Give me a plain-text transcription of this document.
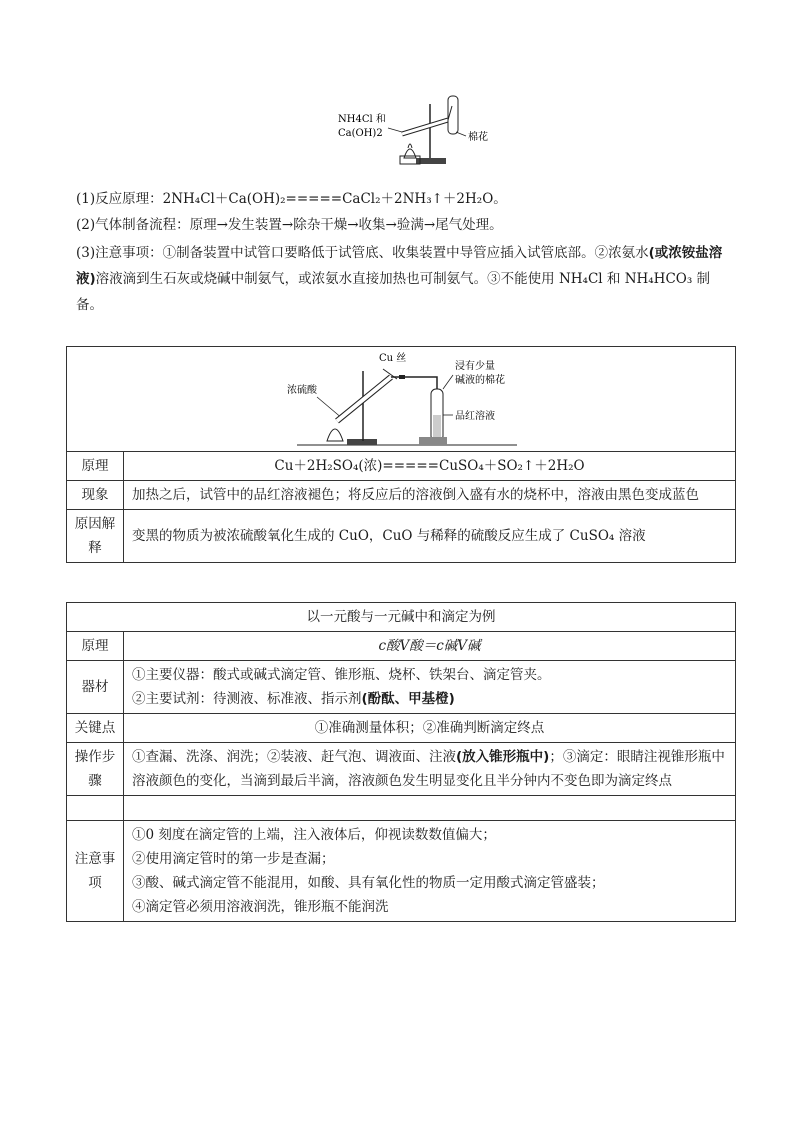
NH4Cl 和
Ca(OH)2	棉花
(1)反应原理：2NH₄Cl＋Ca(OH)₂=====CaCl₂＋2NH₃↑＋2H₂O。
(2)气体制备流程：原理→发生装置→除杂干燥→收集→验满→尾气处理。
(3)注意事项：①制备装置中试管口要略低于试管底、收集装置中导管应插入试管底部。②浓氨水(或浓铵盐溶液)溶液滴到生石灰或烧碱中制氨气，或浓氨水直接加热也可制氨气。③不能使用 NH₄Cl 和 NH₄HCO₃ 制备。
Cu 丝
浓硫酸
浸有少量
碱液的棉花
品红溶液	

原理	Cu＋2H₂SO₄(浓)=====CuSO₄＋SO₂↑＋2H₂O
现象	加热之后，试管中的品红溶液褪色；将反应后的溶液倒入盛有水的烧杯中，溶液由黑色变成蓝色
原因解释	变黑的物质为被浓硫酸氧化生成的 CuO，CuO 与稀释的硫酸反应生成了 CuSO₄ 溶液
以一元酸与一元碱中和滴定为例	
原理	c酸V酸＝c碱V碱
器材	①主要仪器：酸式或碱式滴定管、锥形瓶、烧杯、铁架台、滴定管夹。
②主要试剂：待测液、标准液、指示剂(酚酞、甲基橙)

关键点	①准确测量体积；②准确判断滴定终点
操作步骤	①查漏、洗涤、润洗；②装液、赶气泡、调液面、注液(放入锥形瓶中)；③滴定：眼睛注视锥形瓶中溶液颜色的变化，当滴到最后半滴，溶液颜色发生明显变化且半分钟内不变色即为滴定终点

注意事项	①0 刻度在滴定管的上端，注入液体后，仰视读数数值偏大；
②使用滴定管时的第一步是查漏；
③酸、碱式滴定管不能混用，如酸、具有氧化性的物质一定用酸式滴定管盛装；
④滴定管必须用溶液润洗，锥形瓶不能润洗
